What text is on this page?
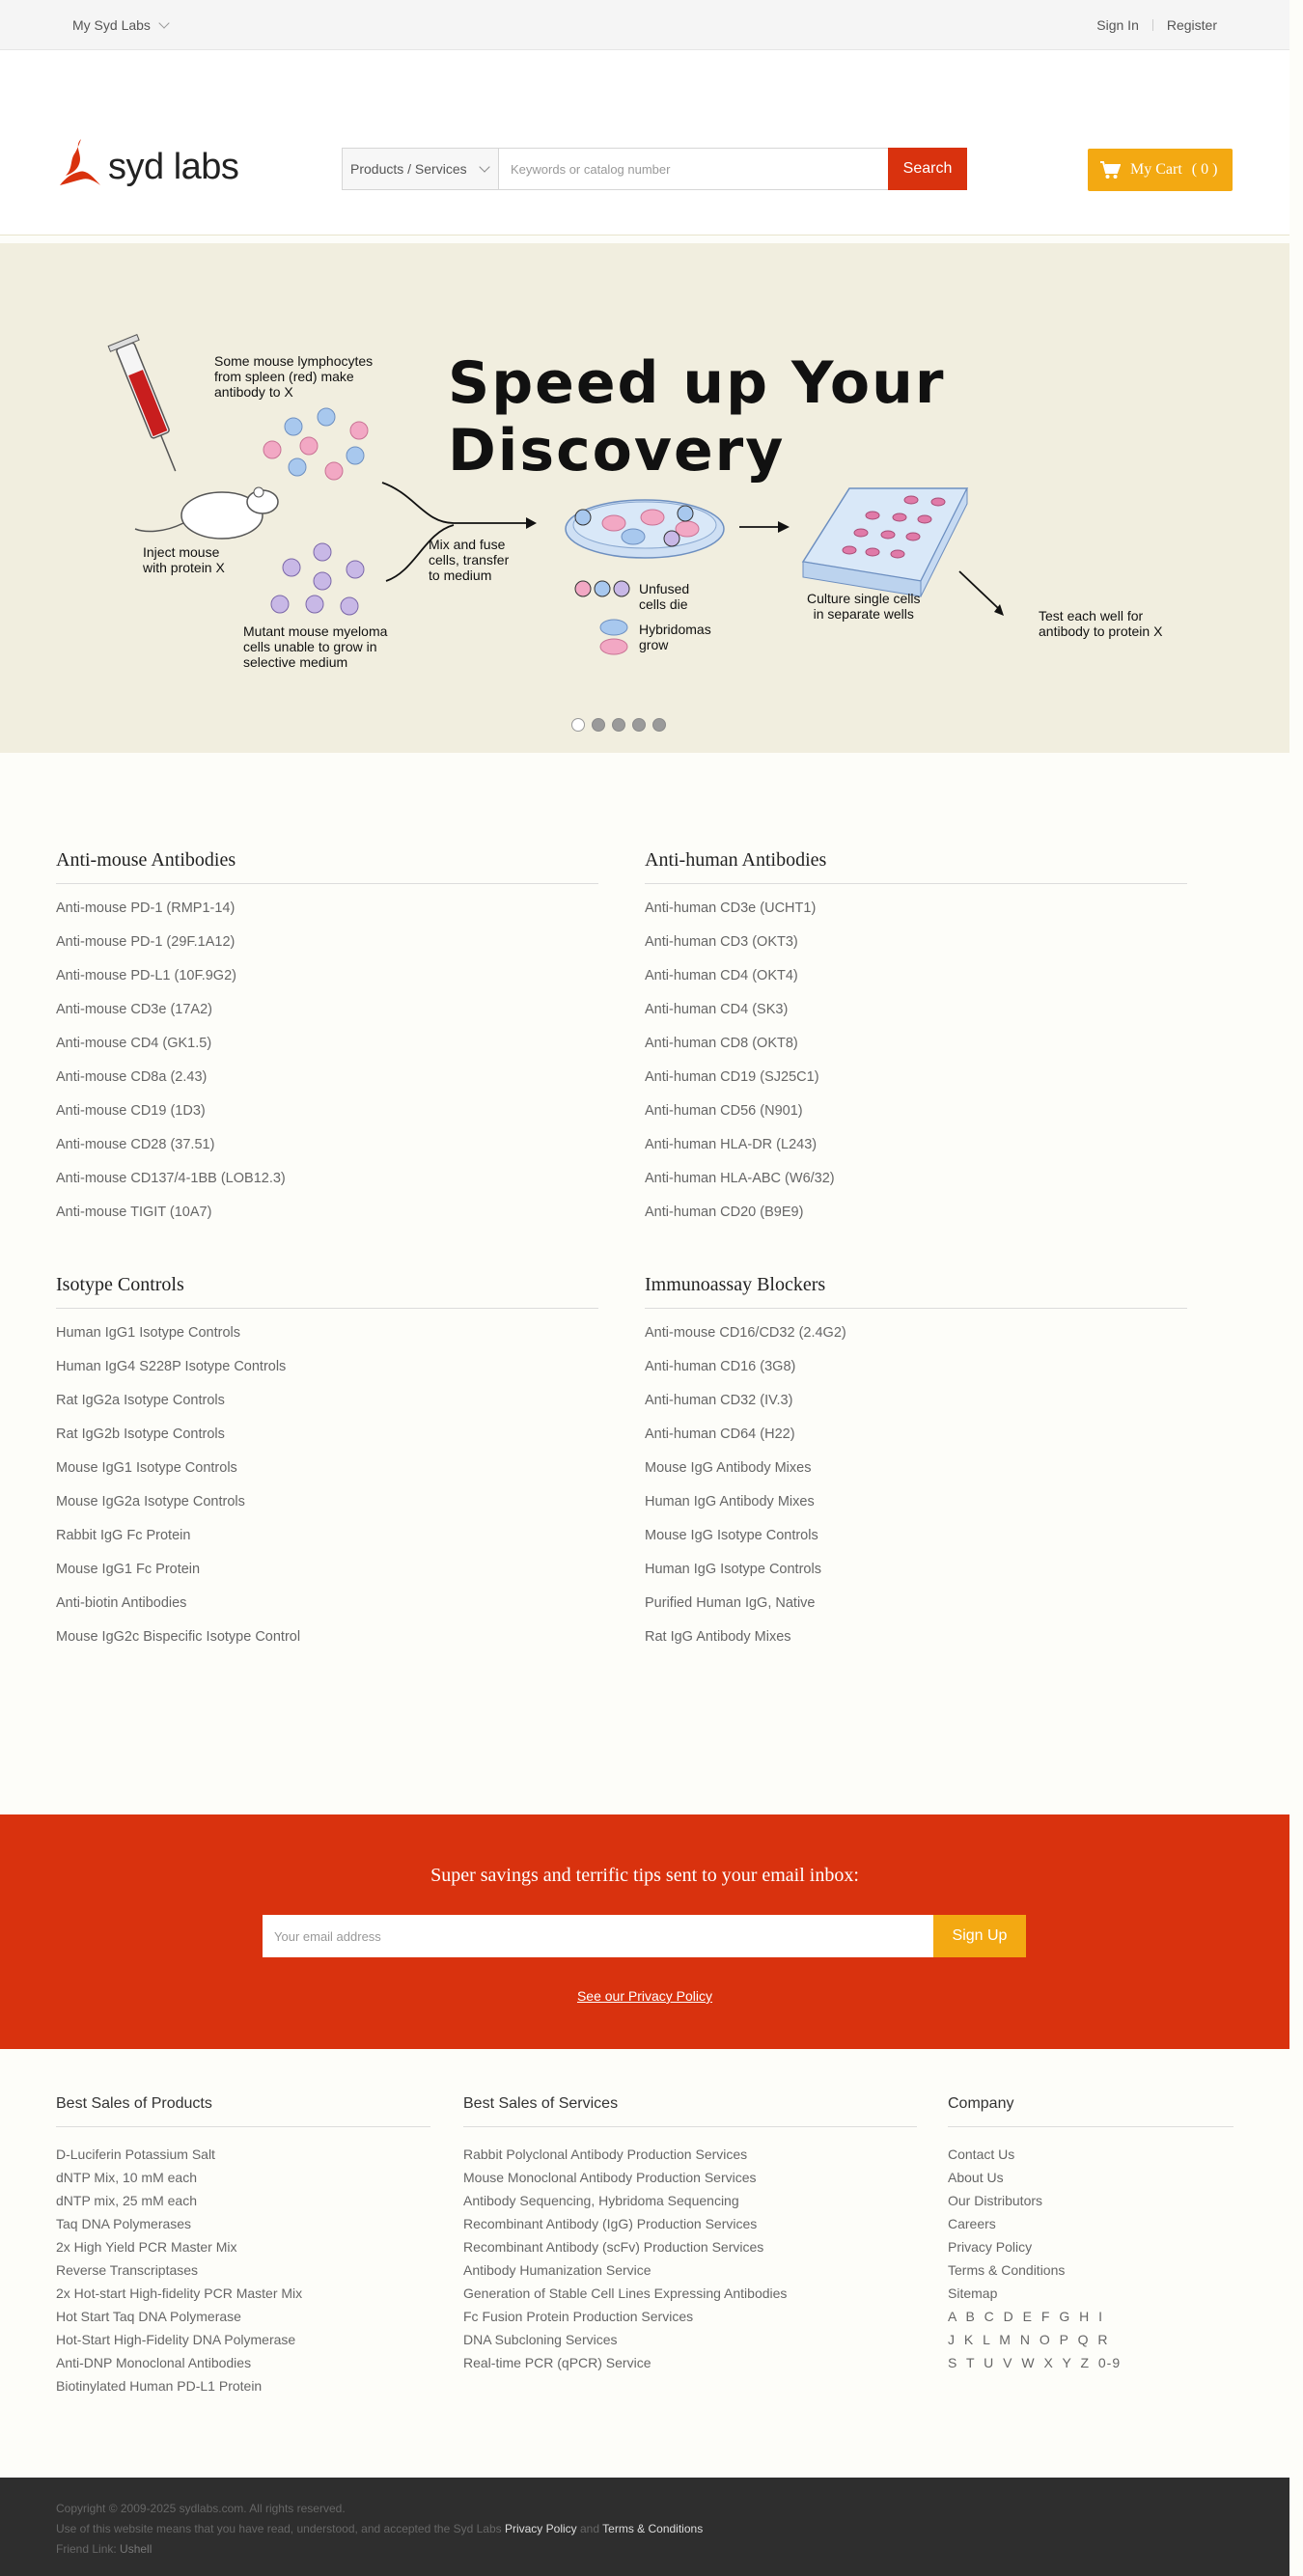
My Syd Labs	Sign In Register
syd labs	Products / Services
Keywords or catalog number	Search	My Cart ( 0 )
Speed up Your Discovery
Some mouse lymphocytes
from spleen (red) make
antibody to X
Inject mouse
with protein X
Mutant mouse myeloma
cells unable to grow in
selective medium
Mix and fuse
cells, transfer
to medium
Unfused
cells die
Hybridomas
grow
Culture single cells
in separate wells	Test each well for
antibody to protein X
Anti-mouse Antibodies
Anti-mouse PD-1 (RMP1-14)
Anti-mouse PD-1 (29F.1A12)
Anti-mouse PD-L1 (10F.9G2)
Anti-mouse CD3e (17A2)
Anti-mouse CD4 (GK1.5)
Anti-mouse CD8a (2.43)
Anti-mouse CD19 (1D3)
Anti-mouse CD28 (37.51)
Anti-mouse CD137/4-1BB (LOB12.3)
Anti-mouse TIGIT (10A7)
Anti-human Antibodies
Anti-human CD3e (UCHT1)
Anti-human CD3 (OKT3)
Anti-human CD4 (OKT4)
Anti-human CD4 (SK3)
Anti-human CD8 (OKT8)
Anti-human CD19 (SJ25C1)
Anti-human CD56 (N901)
Anti-human HLA-DR (L243)
Anti-human HLA-ABC (W6/32)
Anti-human CD20 (B9E9)
Isotype Controls
Human IgG1 Isotype Controls
Human IgG4 S228P Isotype Controls
Rat IgG2a Isotype Controls
Rat IgG2b Isotype Controls
Mouse IgG1 Isotype Controls
Mouse IgG2a Isotype Controls
Rabbit IgG Fc Protein
Mouse IgG1 Fc Protein
Anti-biotin Antibodies
Mouse IgG2c Bispecific Isotype Control
Immunoassay Blockers
Anti-mouse CD16/CD32 (2.4G2)
Anti-human CD16 (3G8)
Anti-human CD32 (IV.3)
Anti-human CD64 (H22)
Mouse IgG Antibody Mixes
Human IgG Antibody Mixes
Mouse IgG Isotype Controls
Human IgG Isotype Controls
Purified Human IgG, Native
Rat IgG Antibody Mixes
Super savings and terrific tips sent to your email inbox:
Your email address
Sign Up
See our Privacy Policy
Best Sales of Products
D-Luciferin Potassium Salt
dNTP Mix, 10 mM each
dNTP mix, 25 mM each
Taq DNA Polymerases
2x High Yield PCR Master Mix
Reverse Transcriptases
2x Hot-start High-fidelity PCR Master Mix
Hot Start Taq DNA Polymerase
Hot-Start High-Fidelity DNA Polymerase
Anti-DNP Monoclonal Antibodies
Biotinylated Human PD-L1 Protein
Best Sales of Services
Rabbit Polyclonal Antibody Production Services
Mouse Monoclonal Antibody Production Services
Antibody Sequencing, Hybridoma Sequencing
Recombinant Antibody (IgG) Production Services
Recombinant Antibody (scFv) Production Services
Antibody Humanization Service
Generation of Stable Cell Lines Expressing Antibodies
Fc Fusion Protein Production Services
DNA Subcloning Services
Real-time PCR (qPCR) Service
Company
Contact Us
About Us
Our Distributors
Careers
Privacy Policy
Terms & Conditions
Sitemap
A B C D E F G H I
J K L M N O P Q R
S T U V W X Y Z 0-9
Copyright © 2009-2025 sydlabs.com. All rights reserved.
Use of this website means that you have read, understood, and accepted the Syd Labs Privacy Policy and Terms & Conditions
Friend Link: Ushell
